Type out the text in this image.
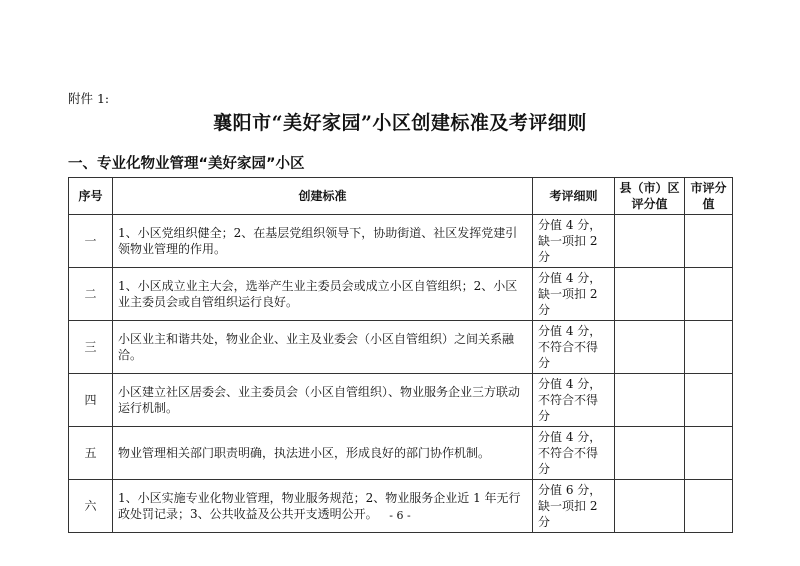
附件 1:
襄阳市“美好家园”小区创建标准及考评细则
一、专业化物业管理“美好家园”小区
序号	创建标准	考评细则	县（市）区评分值	市评分值
一	1、小区党组织健全；2、在基层党组织领导下，协助街道、社区发挥党建引领物业管理的作用。	分值 4 分，缺一项扣 2 分		
二	1、小区成立业主大会，选举产生业主委员会或成立小区自管组织；2、小区业主委员会或自管组织运行良好。	分值 4 分，缺一项扣 2 分		
三	小区业主和谐共处，物业企业、业主及业委会（小区自管组织）之间关系融洽。	分值 4 分，不符合不得分		
四	小区建立社区居委会、业主委员会（小区自管组织）、物业服务企业三方联动运行机制。	分值 4 分，不符合不得分		
五	物业管理相关部门职责明确，执法进小区，形成良好的部门协作机制。	分值 4 分，不符合不得分		
六	1、小区实施专业化物业管理，物业服务规范；2、物业服务企业近 1 年无行政处罚记录；3、公共收益及公共开支透明公开。	分值 6 分，缺一项扣 2 分		
- 6 -
